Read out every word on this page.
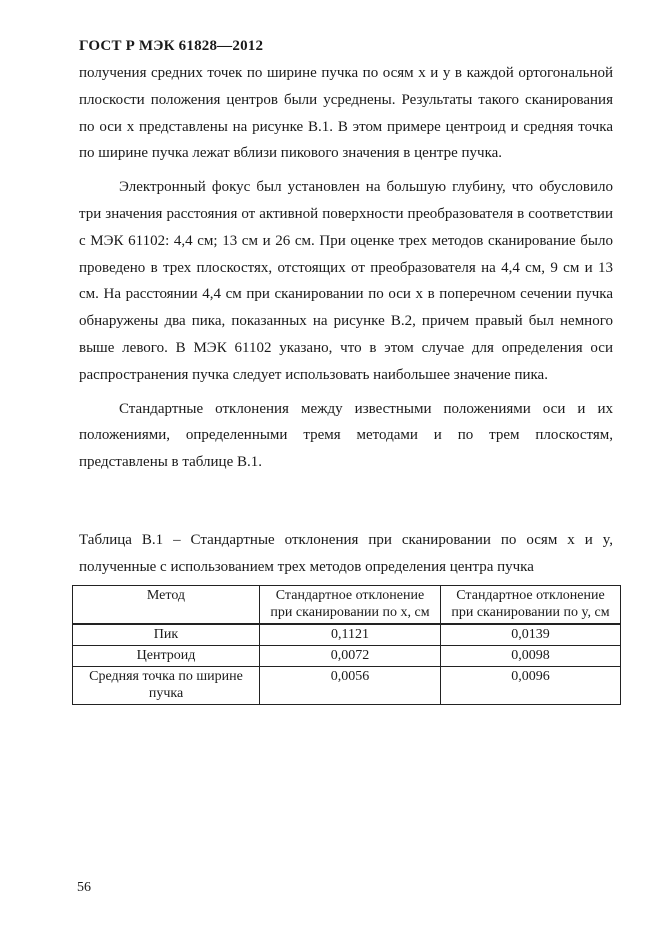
ГОСТ Р МЭК 61828—2012

получения средних точек по ширине пучка по осям x и y в каждой ортогональной плоскости положения центров были усреднены. Результаты такого сканирования по оси x представлены на рисунке В.1. В этом примере центроид и средняя точка по ширине пучка лежат вблизи пикового значения в центре пучка.

Электронный фокус был установлен на большую глубину, что обусловило три значения расстояния от активной поверхности преобразователя в соответствии с МЭК 61102: 4,4 см; 13 см и 26 см. При оценке трех методов сканирование было проведено в трех плоскостях, отстоящих от преобразователя на 4,4 см, 9 см и 13 см. На расстоянии 4,4 см при сканировании по оси x в поперечном сечении пучка обнаружены два пика, показанных на рисунке В.2, причем правый был немного выше левого. В МЭК 61102 указано, что в этом случае для определения оси распространения пучка следует использовать наибольшее значение пика.

Стандартные отклонения между известными положениями оси и их положениями, определенными тремя методами и по трем плоскостям, представлены в таблице В.1.

Таблица В.1 – Стандартные отклонения при сканировании по осям x и y, полученные с использованием трех методов определения центра пучка
Метод	Стандартное отклонение при сканировании по x, см	Стандартное отклонение при сканировании по y, см
Пик	0,1121	0,0139
Центроид	0,0072	0,0098
Средняя точка по ширине пучка	0,0056	0,0096
56
